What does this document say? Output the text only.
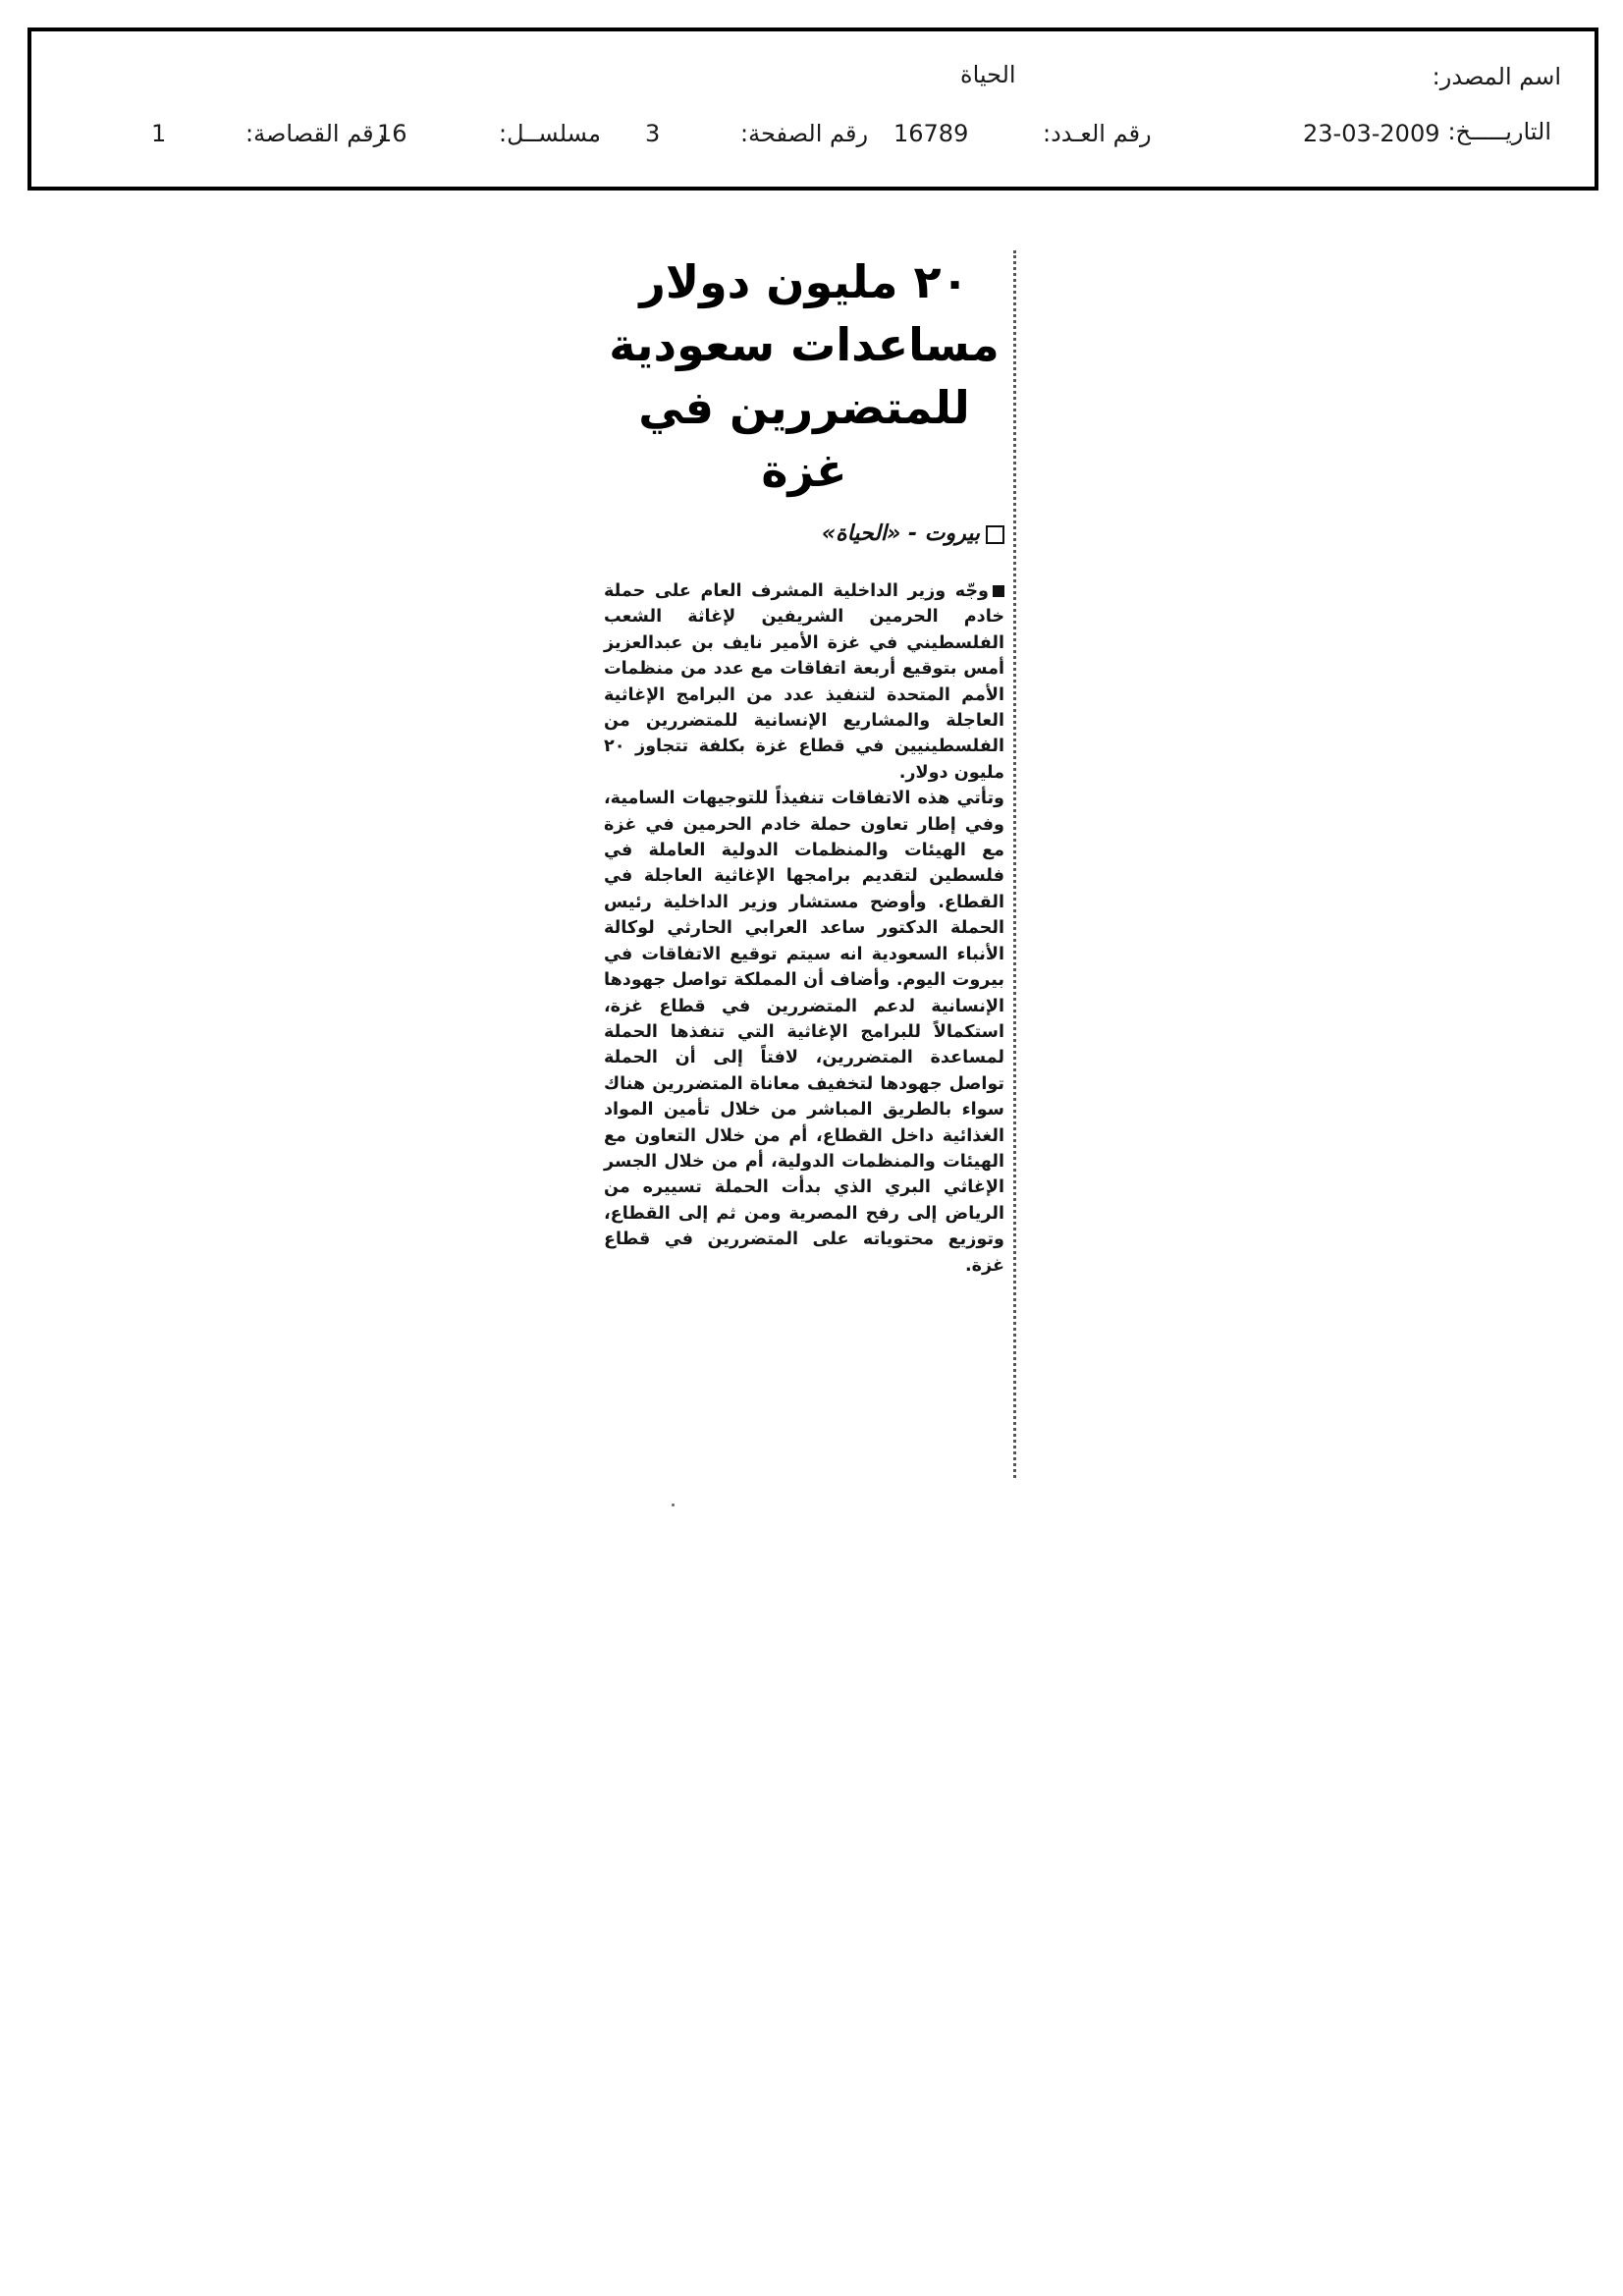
اسم المصدر:
الحياة
التاريـــــخ:
23-03-2009
رقم العـدد:
16789
رقم الصفحة:
3
مسلســل:
16
رقم القصاصة:
1
٢٠ مليون دولار
مساعدات سعودية
للمتضررين في غزة
بيروت - «الحياة»

وجّه وزير الداخلية المشرف العام على حملة خادم الحرمين الشريفين لإغاثة الشعب الفلسطيني في غزة الأمير نايف بن عبدالعزيز أمس بتوقيع أربعة اتفاقات مع عدد من منظمات الأمم المتحدة لتنفيذ عدد من البرامج الإغاثية العاجلة والمشاريع الإنسانية للمتضررين من الفلسطينيين في قطاع غزة بكلفة تتجاوز ٢٠ مليون دولار.

وتأتي هذه الاتفاقات تنفيذاً للتوجيهات السامية، وفي إطار تعاون حملة خادم الحرمين في غزة مع الهيئات والمنظمات الدولية العاملة في فلسطين لتقديم برامجها الإغاثية العاجلة في القطاع. وأوضح مستشار وزير الداخلية رئيس الحملة الدكتور ساعد العرابي الحارثي لوكالة الأنباء السعودية انه سيتم توقيع الاتفاقات في بيروت اليوم. وأضاف أن المملكة تواصل جهودها الإنسانية لدعم المتضررين في قطاع غزة، استكمالاً للبرامج الإغاثية التي تنفذها الحملة لمساعدة المتضررين، لافتاً إلى أن الحملة تواصل جهودها لتخفيف معاناة المتضررين هناك سواء بالطريق المباشر من خلال تأمين المواد الغذائية داخل القطاع، أم من خلال التعاون مع الهيئات والمنظمات الدولية، أم من خلال الجسر الإغاثي البري الذي بدأت الحملة تسييره من الرياض إلى رفح المصرية ومن ثم إلى القطاع، وتوزيع محتوياته على المتضررين في قطاع غزة.
